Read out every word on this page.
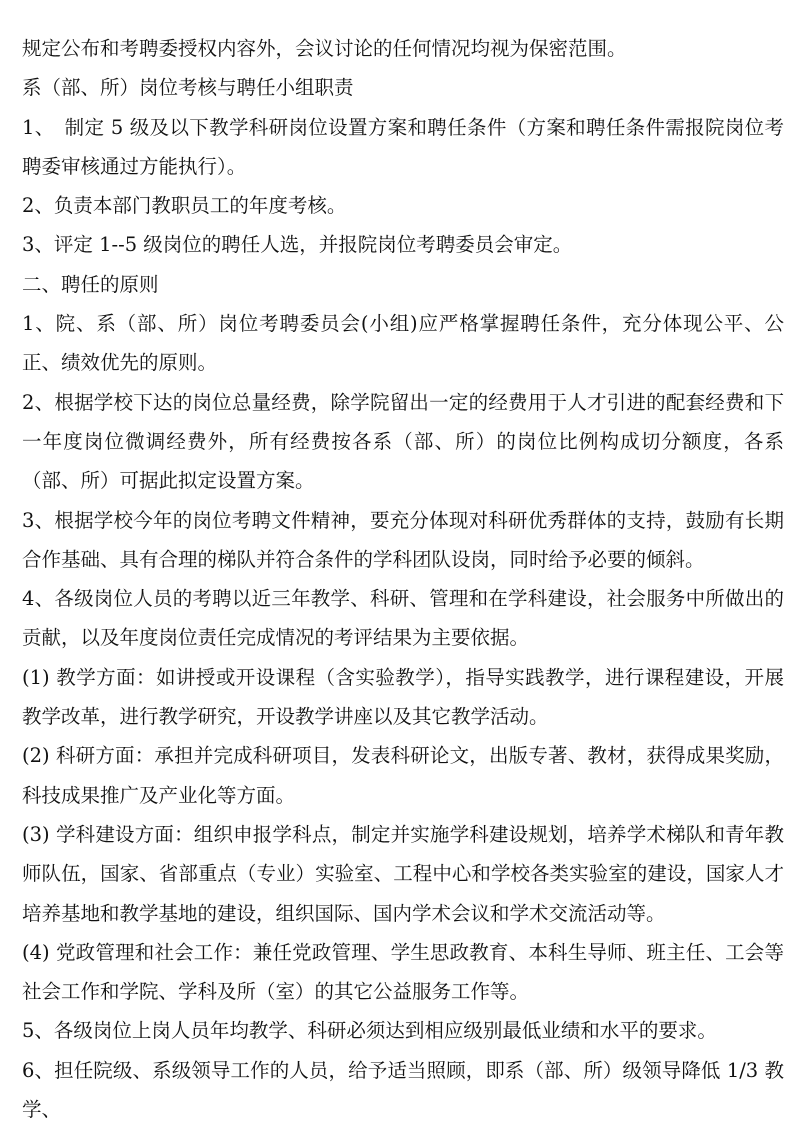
规定公布和考聘委授权内容外，会议讨论的任何情况均视为保密范围。

系（部、所）岗位考核与聘任小组职责

1、　制定 5 级及以下教学科研岗位设置方案和聘任条件（方案和聘任条件需报院岗位考聘委审核通过方能执行）。

2、负责本部门教职员工的年度考核。

3、评定 1--5 级岗位的聘任人选，并报院岗位考聘委员会审定。

二、聘任的原则

1、院、系（部、所）岗位考聘委员会(小组)应严格掌握聘任条件，充分体现公平、公正、绩效优先的原则。

2、根据学校下达的岗位总量经费，除学院留出一定的经费用于人才引进的配套经费和下一年度岗位微调经费外，所有经费按各系（部、所）的岗位比例构成切分额度，各系（部、所）可据此拟定设置方案。

3、根据学校今年的岗位考聘文件精神，要充分体现对科研优秀群体的支持，鼓励有长期合作基础、具有合理的梯队并符合条件的学科团队设岗，同时给予必要的倾斜。

4、各级岗位人员的考聘以近三年教学、科研、管理和在学科建设，社会服务中所做出的贡献，以及年度岗位责任完成情况的考评结果为主要依据。

(1) 教学方面：如讲授或开设课程（含实验教学），指导实践教学，进行课程建设，开展教学改革，进行教学研究，开设教学讲座以及其它教学活动。

(2) 科研方面：承担并完成科研项目，发表科研论文，出版专著、教材，获得成果奖励，科技成果推广及产业化等方面。

(3) 学科建设方面：组织申报学科点，制定并实施学科建设规划，培养学术梯队和青年教师队伍，国家、省部重点（专业）实验室、工程中心和学校各类实验室的建设，国家人才培养基地和教学基地的建设，组织国际、国内学术会议和学术交流活动等。

(4) 党政管理和社会工作：兼任党政管理、学生思政教育、本科生导师、班主任、工会等社会工作和学院、学科及所（室）的其它公益服务工作等。

5、各级岗位上岗人员年均教学、科研必须达到相应级别最低业绩和水平的要求。

6、担任院级、系级领导工作的人员，给予适当照顾，即系（部、所）级领导降低 1/3 教学、
